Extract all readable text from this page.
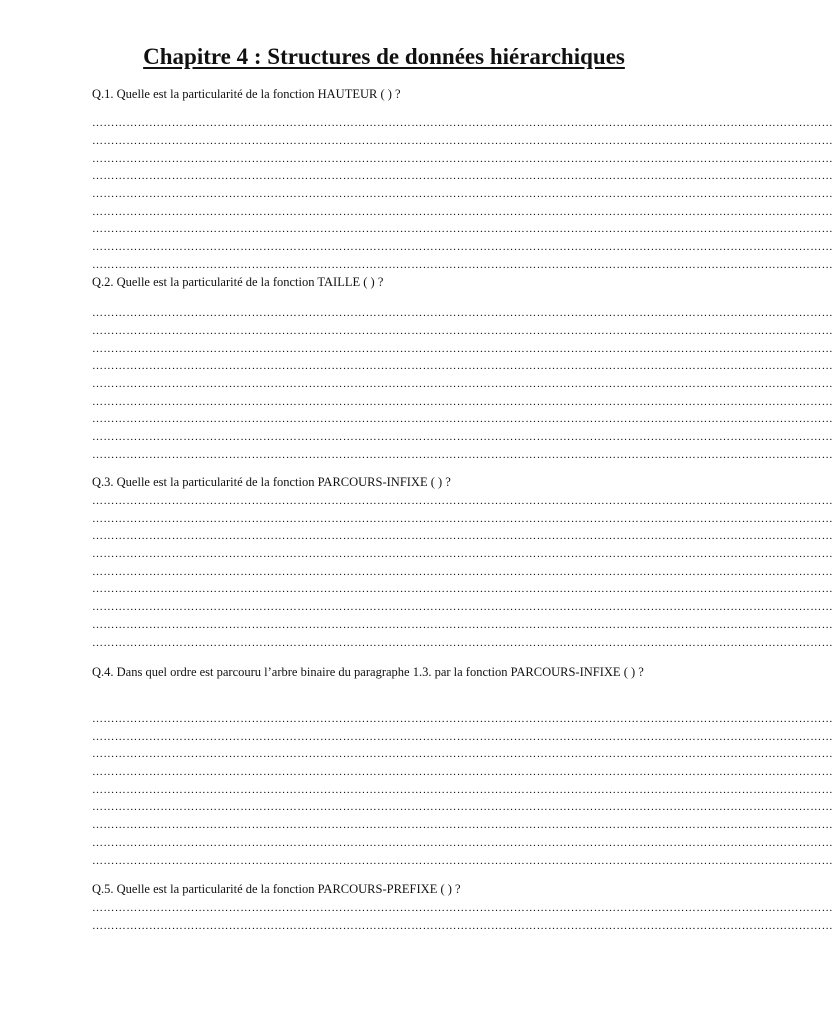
Chapitre 4 : Structures de données hiérarchiques
Q.1. Quelle est la particularité de la fonction HAUTEUR ( ) ?
Q.2. Quelle est la particularité de la fonction TAILLE ( ) ?
Q.3. Quelle est la particularité de la fonction PARCOURS-INFIXE ( ) ?
Q.4. Dans quel ordre est parcouru l’arbre binaire du paragraphe 1.3. par la fonction PARCOURS-INFIXE ( ) ?
Q.5. Quelle est la particularité de la fonction PARCOURS-PREFIXE ( ) ?
……………………………………………………………………………………………………………………………………………………………………………
……………………………………………………………………………………………………………………………………………………………………………
……………………………………………………………………………………………………………………………………………………………………………
……………………………………………………………………………………………………………………………………………………………………………
……………………………………………………………………………………………………………………………………………………………………………
……………………………………………………………………………………………………………………………………………………………………………
……………………………………………………………………………………………………………………………………………………………………………
……………………………………………………………………………………………………………………………………………………………………………
……………………………………………………………………………………………………………………………………………………………………………
……………………………………………………………………………………………………………………………………………………………………………
……………………………………………………………………………………………………………………………………………………………………………
……………………………………………………………………………………………………………………………………………………………………………
……………………………………………………………………………………………………………………………………………………………………………
……………………………………………………………………………………………………………………………………………………………………………
……………………………………………………………………………………………………………………………………………………………………………
……………………………………………………………………………………………………………………………………………………………………………
……………………………………………………………………………………………………………………………………………………………………………
……………………………………………………………………………………………………………………………………………………………………………
……………………………………………………………………………………………………………………………………………………………………………
……………………………………………………………………………………………………………………………………………………………………………
……………………………………………………………………………………………………………………………………………………………………………
……………………………………………………………………………………………………………………………………………………………………………
……………………………………………………………………………………………………………………………………………………………………………
……………………………………………………………………………………………………………………………………………………………………………
……………………………………………………………………………………………………………………………………………………………………………
……………………………………………………………………………………………………………………………………………………………………………
……………………………………………………………………………………………………………………………………………………………………………
……………………………………………………………………………………………………………………………………………………………………………
……………………………………………………………………………………………………………………………………………………………………………
……………………………………………………………………………………………………………………………………………………………………………
……………………………………………………………………………………………………………………………………………………………………………
……………………………………………………………………………………………………………………………………………………………………………
……………………………………………………………………………………………………………………………………………………………………………
……………………………………………………………………………………………………………………………………………………………………………
……………………………………………………………………………………………………………………………………………………………………………
……………………………………………………………………………………………………………………………………………………………………………
……………………………………………………………………………………………………………………………………………………………………………
……………………………………………………………………………………………………………………………………………………………………………
